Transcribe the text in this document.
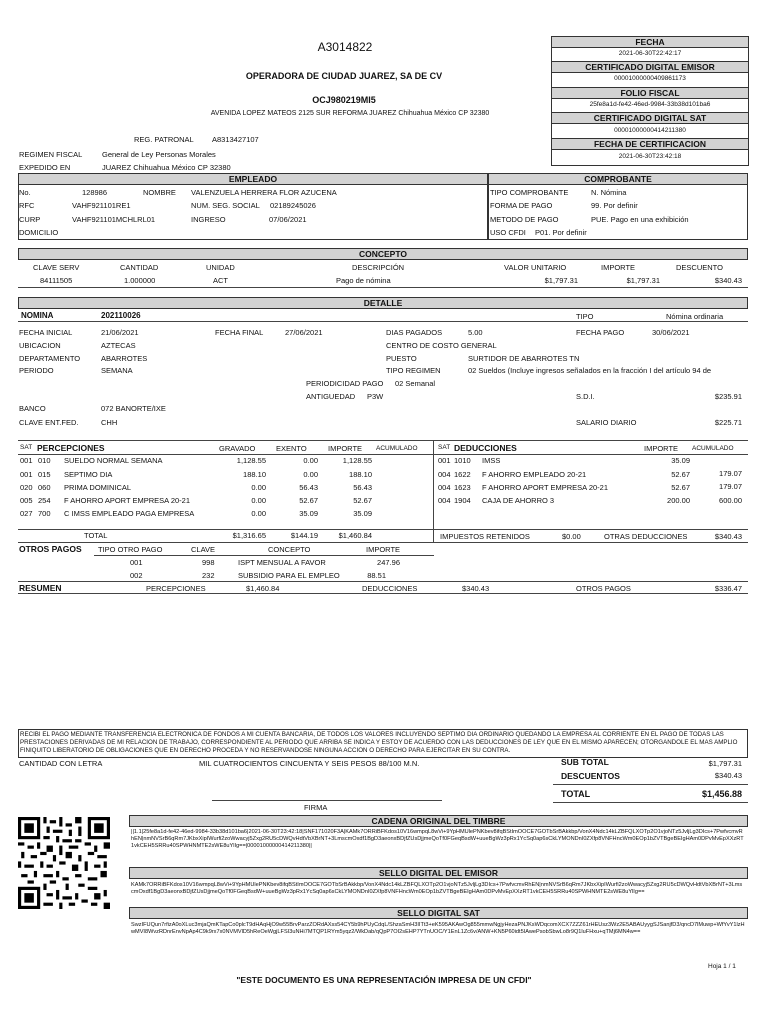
A3014822
OPERADORA DE CIUDAD JUAREZ, SA DE CV
OCJ980219MI5
AVENIDA LOPEZ MATEOS 2125 SUR REFORMA JUAREZ Chihuahua México CP 32380
REG. PATRONAL A8313427107
REGIMEN FISCAL	General de Ley Personas Morales
EXPEDIDO EN	JUAREZ Chihuahua México CP 32380
FECHA
2021-06-30T22:42:17
CERTIFICADO DIGITAL EMISOR
00001000000409861173
FOLIO FISCAL
25fe8a1d-fe42-46ed-9984-33b38d101ba6
CERTIFICADO DIGITAL SAT
00001000000414211380
FECHA DE CERTIFICACION
2021-06-30T23:42:18
EMPLEADO	COMPROBANTE
No.	128986	NOMBRE VALENZUELA HERRERA FLOR AZUCENA
RFC	VAHF921101RE1	NUM. SEG. SOCIAL 02189245026
CURP	VAHF921101MCHLRL01	INGRESO	07/06/2021
DOMICILIO
TIPO COMPROBANTE	N. Nómina
FORMA DE PAGO	99. Por definir
METODO DE PAGO	PUE. Pago en una exhibición
USO CFDI P01. Por definir
CONCEPTO
CLAVE SERV	CANTIDAD	UNIDAD	DESCRIPCIÓN	VALOR UNITARIO	IMPORTE	DESCUENTO
84111505	1.000000	ACT	Pago de nómina	$1,797.31	$1,797.31	$340.43
DETALLE
NOMINA	202110026	TIPO	Nómina ordinaria
FECHA INICIAL	21/06/2021	FECHA FINAL	27/06/2021	DIAS PAGADOS	5.00	FECHA PAGO	30/06/2021
UBICACION	AZTECAS	CENTRO DE COSTO GENERAL
DEPARTAMENTO	ABARROTES	PUESTO	SURTIDOR DE ABARROTES TN
PERIODO	SEMANA	TIPO REGIMEN	02 Sueldos (Incluye ingresos señalados en la fracción I del artículo 94 de
PERIODICIDAD PAGO 02 Semanal
ANTIGUEDAD P3W	S.D.I.	$235.91
BANCO	072 BANORTE/IXE
CLAVE ENT.FED.	CHH	SALARIO DIARIO	$225.71
SAT PERCEPCIONES	GRAVADO	EXENTO	IMPORTE ACUMULADO
001 010 SUELDO NORMAL SEMANA	1,128.55	0.00	1,128.55
001 015 SEPTIMO DIA	188.10	0.00	188.10
020 060 PRIMA DOMINICAL	0.00	56.43	56.43
005 254 F AHORRO APORT EMPRESA 20-21	0.00	52.67	52.67
027 700 C IMSS EMPLEADO PAGA EMPRESA	0.00	35.09	35.09
TOTAL	$1,316.65	$144.19	$1,460.84
SAT DEDUCCIONES	IMPORTE ACUMULADO
001 1010 IMSS	35.09
004 1622 F AHORRO EMPLEADO 20-21	52.67	179.07
004 1623 F AHORRO APORT EMPRESA 20-21	52.67	179.07
004 1904 CAJA DE AHORRO 3	200.00	600.00
IMPUESTOS RETENIDOS	$0.00	OTRAS DEDUCCIONES	$340.43
OTROS PAGOS TIPO OTRO PAGO	CLAVE	CONCEPTO	IMPORTE
001	998	ISPT MENSUAL A FAVOR	247.96
002	232	SUBSIDIO PARA EL EMPLEO	88.51
RESUMEN	PERCEPCIONES	$1,460.84	DEDUCCIONES	$340.43	OTROS PAGOS	$336.47
RECIBI EL PAGO MEDIANTE TRANSFERENCIA ELECTRONICA DE FONDOS A MI CUENTA BANCARIA, DE TODOS LOS VALORES INCLUYENDO SEPTIMO DIA ORDINARIO QUEDANDO LA EMPRESA AL CORRIENTE EN EL PAGO DE TODAS LAS PRESTACIONES DERIVADAS DE MI RELACION DE TRABAJO, CORRESPONDIENTE AL PERIODO QUE ARRIBA SE INDICA Y ESTOY DE ACUERDO CON LAS DEDUCCIONES DE LEY QUE EN EL MISMO APARECEN; OTORGANDOLE EL MAS AMPLIO FINIQUITO LIBERATORIO DE OBLIGACIONES QUE EN DERECHO PROCEDA Y NO RESERVANDOSE NINGUNA ACCION O DERECHO PARA EJERCITAR EN SU CONTRA.
CANTIDAD CON LETRA	MIL CUATROCIENTOS CINCUENTA Y SEIS PESOS 88/100 M.N.	SUB TOTAL	$1,797.31
DESCUENTOS	$340.43
TOTAL	$1,456.88
FIRMA
CADENA ORIGINAL DEL TIMBRE
||1.1|25fe8a1d-fe42-46ed-9984-33b38d101ba6|2021-06-30T23:42:18|SNF171020F3A|KAMk7ORRiBFKdos10V16wmpqL8wVi+9YpHMUlePNKbev8ifqBStImOOCE7GOTbSrBAkkbp/VonX4Ndc14kLZBFQLXOTp2O1vjoNTz5JvljLg3DIcs+7PwfvcmvRhEN|nmNVSrB6qRm7JKbxXipIWurfi2zoWwacyj5Zxg2RU5cDWQvHdtVbXBrNT+3LmscmOxdf1BgD3aeonxBDjfZUsDjjmeQoTf0FGeqBsdW+uueBgWz3pRx1YcSq0ap6sCkLYMONDnI0ZXfp8VNFHncWm0EOp1bZVTBgeBEIgHAm0DPvMvEpXXzRT1vkCEH5SRRu40SPWHNMTE2sWE8uYlIg==|00001000000414211380||
SELLO DIGITAL DEL EMISOR
KAMk7ORRiBFKdos10V16wmpqL8wVi+9YpHMUlePNKbev8ifqBStImOOCE7GOTbSrBAkkbp/VonX4Ndc14kLZBFQLXOTp2O1vjoNTz5JvljLg3DIcs+7PwfvcmvRhEN|nmNVSrB6qRm7JKbxXipIWurfi2zoWwacyj5Zxg2RU5cDWQvHdtVbXBrNT+3LmscmOxdf1BgD3aeonxBDjfZUsDjjmeQoTf0FGeqBsdW+uueBgWz3pRx1YcSq0ap6sCkLYMONDnI0ZXfp8VNFHncWm0EOp1bZVTBgeBEIgHAm0DPvMvEpXXzRT1vkCEH5SRRu40SPWHNMTE2sWE8uYlIg==
SELLO DIGITAL SAT
SwzIFUQun7rfizA0oXLuc3mjaQmKTapCo0plcT9dHAqHjO9w55BrvParzZORdAXss54CY5b9hPUyCdqL/ShzaSmH3IITt3+eK595AKAwOg855mmwNgjyHezaPNJKsWDqcomXCX7ZZZ61rHEUsz3Wz2E5ABAUyygSJSanjfD3/qncD7lMuwp+WfYvY1lzHwMVI8WvzRDnrEnvNpAp4C9k9rx7x0NVMVlD5hReOeWgjLFSI3uNHi7MTQP1RYm5yqz2/WkDab/qQpP7OI2sEHP7YTnUOC/Y1EnL1Zc6v/ANW+KN5P60idt5IAwePsobSbwLo8r9Q1luFHxu+qTMj6MN4w==
Hoja 1 / 1
"ESTE DOCUMENTO ES UNA REPRESENTACIÓN IMPRESA DE UN CFDI"
